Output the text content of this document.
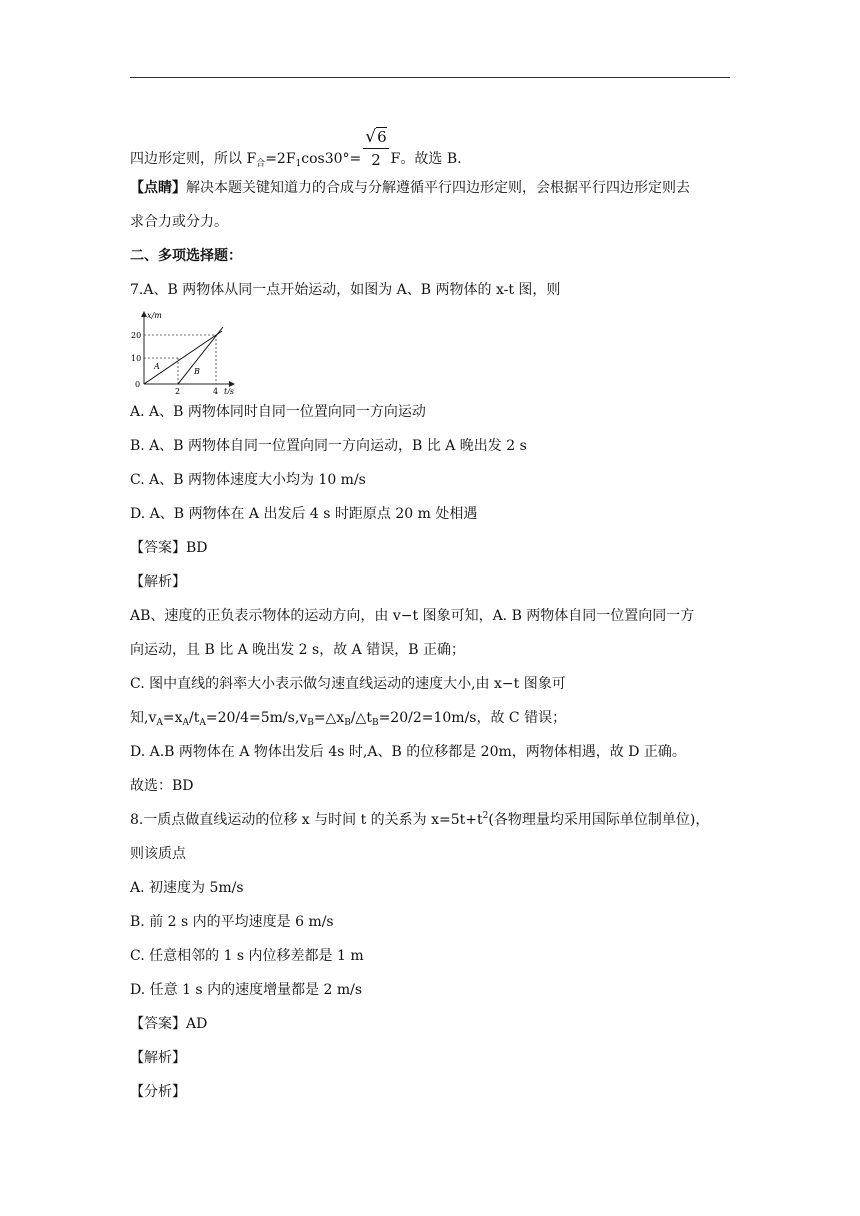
四边形定则，所以 $F_合=2F_1\cos 30^\circ= \frac{√6}{2}$ F。故选 B.
【点睛】解决本题关键知道力的合成与分解遵循平行四边形定则，会根据平行四边形定则去
求合力或分力。
二、多项选择题：
7.A、B 两物体从同一点开始运动，如图为 A、B 两物体的 x-t 图，则
x/m
t/s
20
10
0
2	4
A
B
A. A、B 两物体同时自同一位置向同一方向运动
B. A、B 两物体自同一位置向同一方向运动，B 比 A 晚出发 2 s
C. A、B 两物体速度大小均为 10 m/s
D. A、B 两物体在 A 出发后 4 s 时距原点 20 m 处相遇
【答案】BD
【解析】
AB、速度的正负表示物体的运动方向，由 v−t 图象可知，A. B 两物体自同一位置向同一方
向运动，且 B 比 A 晚出发 2 s，故 A 错误，B 正确；
C. 图中直线的斜率大小表示做匀速直线运动的速度大小,由 x−t 图象可
知$,v_A=x_A/t_A=20/4=5m/s,v_B=\triangle x_B/\triangle t_B=20/2=10m/s$，故 C 错误；
D. A.B 两物体在 A 物体出发后 4s 时,A、B 的位移都是 20m，两物体相遇，故 D 正确。
故选：BD
8.一质点做直线运动的位移 x 与时间 t 的关系为 $x=5t+t^2$(各物理量均采用国际单位制单位)，
则该质点
A. 初速度为 5m/s
B. 前 2 s 内的平均速度是 6 m/s
C. 任意相邻的 1 s 内位移差都是 1 m
D. 任意 1 s 内的速度增量都是 2 m/s
【答案】AD
【解析】
【分析】
